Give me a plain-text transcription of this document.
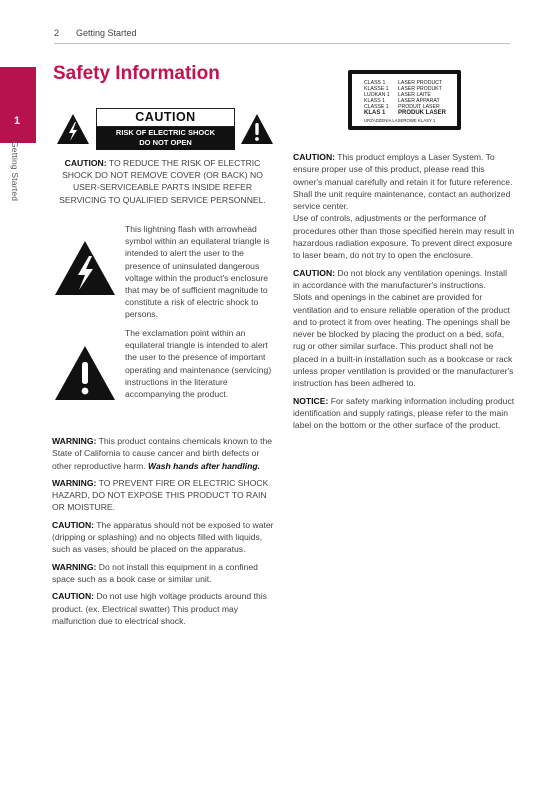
2 Getting Started
1
Getting Started
Safety Information
CAUTION
RISK OF ELECTRIC SHOCK
DO NOT OPEN
CAUTION: TO REDUCE THE RISK OF ELECTRIC SHOCK DO NOT REMOVE COVER (OR BACK) NO USER-SERVICEABLE PARTS INSIDE REFER SERVICING TO QUALIFIED SERVICE PERSONNEL.
This lightning flash with arrowhead symbol within an equilateral triangle is intended to alert the user to the presence of uninsulated dangerous voltage within the product's enclosure that may be of sufficient magnitude to constitute a risk of electric shock to persons.
The exclamation point within an equilateral triangle is intended to alert the user to the presence of important operating and maintenance (servicing) instructions in the literature accompanying the product.

WARNING: This product contains chemicals known to the State of California to cause cancer and birth defects or other reproductive harm. Wash hands after handling.

WARNING: TO PREVENT FIRE OR ELECTRIC SHOCK HAZARD, DO NOT EXPOSE THIS PRODUCT TO RAIN OR MOISTURE.

CAUTION: The apparatus should not be exposed to water (dripping or splashing) and no objects filled with liquids, such as vases, should be placed on the apparatus.

WARNING: Do not install this equipment in a confined space such as a book case or similar unit.

CAUTION: Do not use high voltage products around this product. (ex. Electrical swatter) This product may malfunction due to electrical shock.

CLASS 1 LASER PRODUCT
KLASSE 1 LASER PRODUKT
LUOKAN 1 LASER LAITE
KLASS 1 LASER APPARAT
CLASSE 1 PRODUIT LASER
KLAS 1 PRODUK LASER
URZADZENIA LASEROWE KLASY 1
CAUTION: This product employs a Laser System. To ensure proper use of this product, please read this owner's manual carefully and retain it for future reference. Shall the unit require maintenance, contact an authorized service center.
Use of controls, adjustments or the performance of procedures other than those specified herein may result in hazardous radiation exposure. To prevent direct exposure to laser beam, do not try to open the enclosure.
CAUTION: Do not block any ventilation openings. Install in accordance with the manufacturer's instructions.
Slots and openings in the cabinet are provided for ventilation and to ensure reliable operation of the product and to protect it from over heating. The openings shall be never be blocked by placing the product on a bed, sofa, rug or other similar surface. This product shall not be placed in a built-in installation such as a bookcase or rack unless proper ventilation is provided or the manufacturer's instruction has been adhered to.
NOTICE: For safety marking information including product identification and supply ratings, please refer to the main label on the bottom or the other surface of the product.
